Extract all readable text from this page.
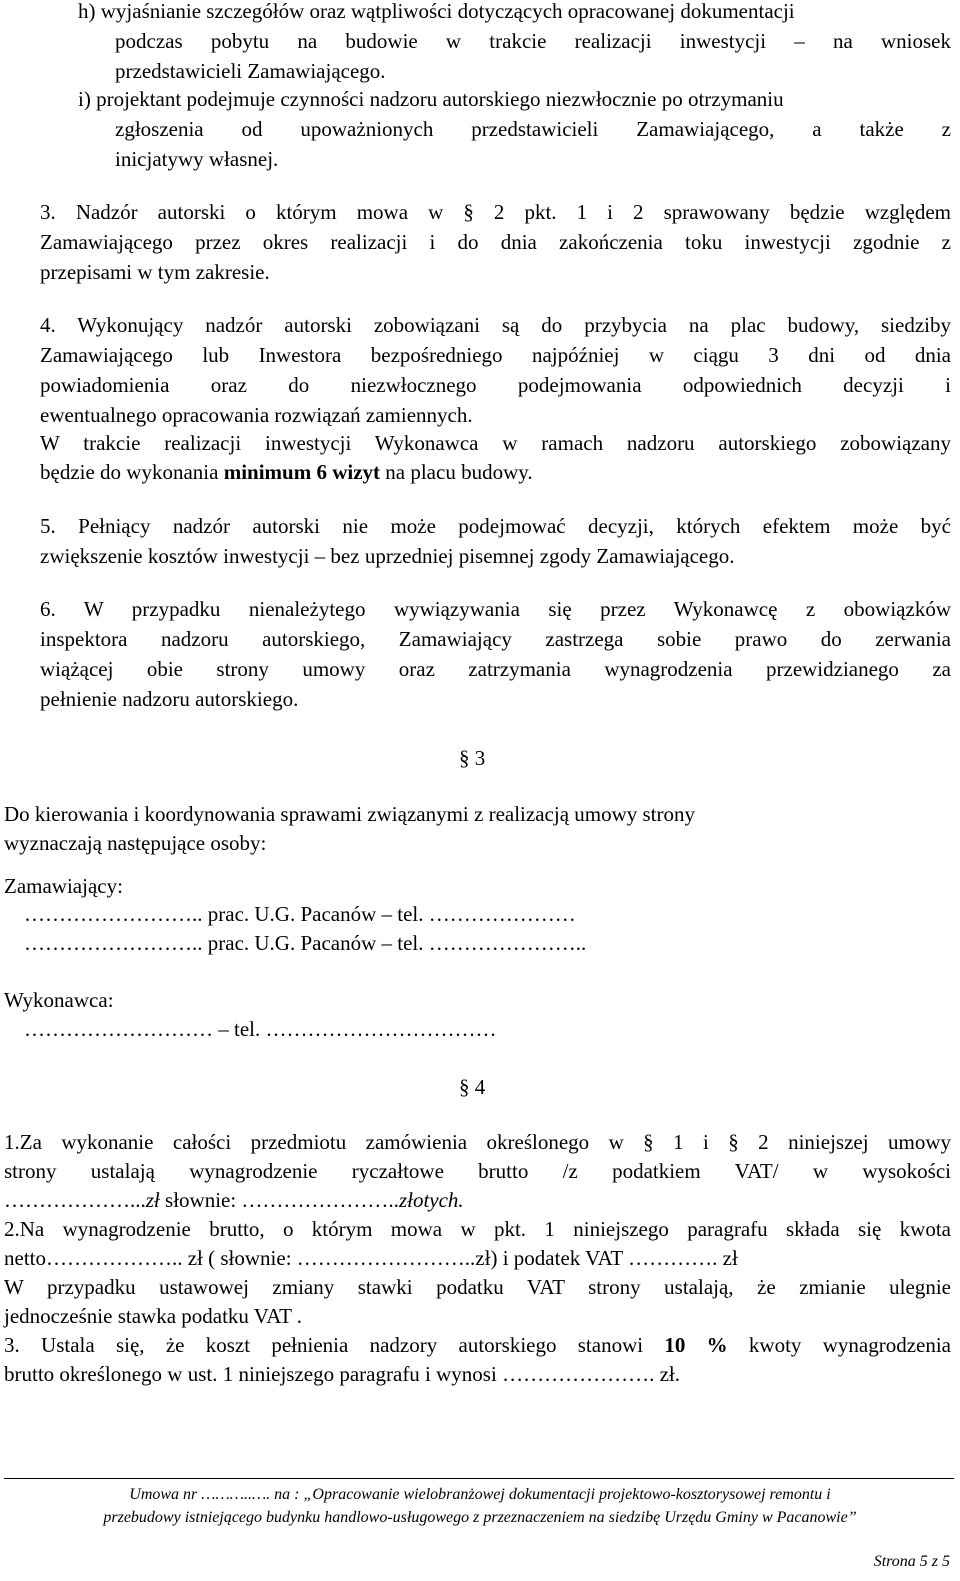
h) wyjaśnianie szczegółów oraz wątpliwości dotyczących opracowanej dokumentacji

podczas pobytu na budowie w trakcie realizacji inwestycji – na wniosek

przedstawicieli Zamawiającego.

i) projektant podejmuje czynności nadzoru autorskiego niezwłocznie po otrzymaniu

zgłoszenia od upoważnionych przedstawicieli Zamawiającego, a także z

inicjatywy własnej.

3. Nadzór autorski o którym mowa w § 2 pkt. 1 i 2 sprawowany będzie względem

Zamawiającego przez okres realizacji i do dnia zakończenia toku inwestycji zgodnie z

przepisami w tym zakresie.

4. Wykonujący nadzór autorski zobowiązani są do przybycia na plac budowy, siedziby

Zamawiającego lub Inwestora bezpośredniego najpóźniej w ciągu 3 dni od dnia

powiadomienia oraz do niezwłocznego podejmowania odpowiednich decyzji i

ewentualnego opracowania rozwiązań zamiennych.

W trakcie realizacji inwestycji Wykonawca w ramach nadzoru autorskiego zobowiązany

będzie do wykonania minimum 6 wizyt na placu budowy.

5. Pełniący nadzór autorski nie może podejmować decyzji, których efektem może być

zwiększenie kosztów inwestycji – bez uprzedniej pisemnej zgody Zamawiającego.

6. W przypadku nienależytego wywiązywania się przez Wykonawcę z obowiązków

inspektora nadzoru autorskiego, Zamawiający zastrzega sobie prawo do zerwania

wiążącej obie strony umowy oraz zatrzymania wynagrodzenia przewidzianego za

pełnienie nadzoru autorskiego.

§ 3

Do kierowania i koordynowania sprawami związanymi z realizacją umowy strony

wyznaczają następujące osoby:

Zamawiający:

…………………….. prac. U.G. Pacanów – tel. …………………

…………………….. prac. U.G. Pacanów – tel. …………………..

Wykonawca:

……………………… – tel. ……………………………

§ 4

1.Za wykonanie całości przedmiotu zamówienia określonego w § 1 i § 2 niniejszej umowy

strony ustalają wynagrodzenie ryczałtowe brutto /z podatkiem VAT/ w wysokości

………………...zł słownie: …………………..złotych.

2.Na wynagrodzenie brutto, o którym mowa w pkt. 1 niniejszego paragrafu składa się kwota

netto……………….. zł ( słownie: ……………………..zł) i podatek VAT …………. zł

W przypadku ustawowej zmiany stawki podatku VAT strony ustalają, że zmianie ulegnie

jednocześnie stawka podatku VAT .

3. Ustala się, że koszt pełnienia nadzory autorskiego stanowi 10 % kwoty wynagrodzenia

brutto określonego w ust. 1 niniejszego paragrafu i wynosi …………………. zł.

Umowa nr ………..…. na : „Opracowanie wielobranżowej dokumentacji projektowo-kosztorysowej remontu i
przebudowy istniejącego budynku handlowo-usługowego z przeznaczeniem na siedzibę Urzędu Gminy w Pacanowie”
Strona 5 z 5
